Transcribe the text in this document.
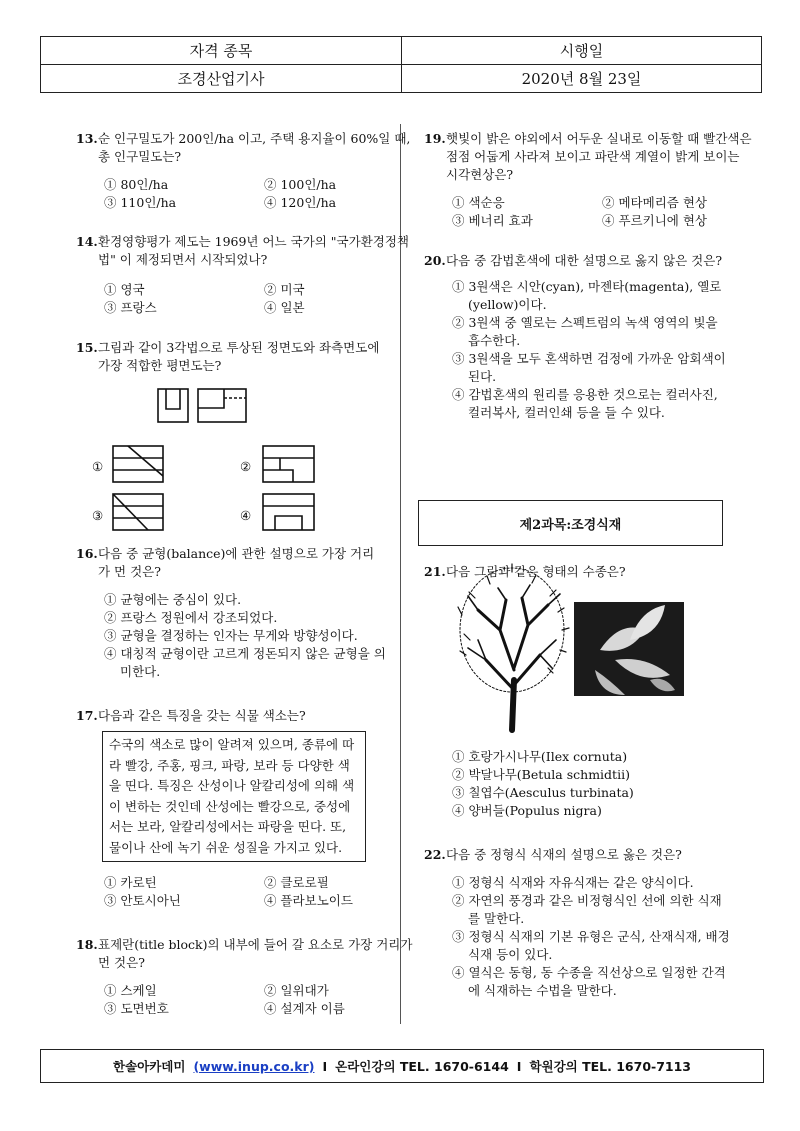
자격 종목	시행일
조경산업기사	2020년 8월 23일
13. 순 인구밀도가 200인/ha 이고, 주택 용지율이 60%일 때, 총 인구밀도는?
① 80인/ha	② 100인/ha
③ 110인/ha	④ 120인/ha
14. 환경영향평가 제도는 1969년 어느 국가의 "국가환경정책법" 이 제정되면서 시작되었나?
① 영국	② 미국
③ 프랑스	④ 일본
15. 그림과 같이 3각법으로 투상된 정면도와 좌측면도에 가장 적합한 평면도는?
16. 다음 중 균형(balance)에 관한 설명으로 가장 거리가 먼 것은?
① 균형에는 중심이 있다.
② 프랑스 정원에서 강조되었다.
③ 균형을 결정하는 인자는 무게와 방향성이다.
④ 대칭적 균형이란 고르게 정돈되지 않은 균형을 의미한다.
17. 다음과 같은 특징을 갖는 식물 색소는?
수국의 색소로 많이 알려져 있으며, 종류에 따라 빨강, 주홍, 핑크, 파랑, 보라 등 다양한 색을 띤다. 특징은 산성이나 알칼리성에 의해 색이 변하는 것인데 산성에는 빨강으로, 중성에서는 보라, 알칼리성에서는 파랑을 띤다. 또, 물이나 산에 녹기 쉬운 성질을 가지고 있다.
① 카로틴	② 클로로필
③ 안토시아닌	④ 플라보노이드
18. 표제란(title block)의 내부에 들어 갈 요소로 가장 거리가 먼 것은?
① 스케일	② 일위대가
③ 도면번호	④ 설계자 이름
①	②
③	④
19. 햇빛이 밝은 야외에서 어두운 실내로 이동할 때 빨간색은 점점 어둡게 사라져 보이고 파란색 계열이 밝게 보이는 시각현상은?
① 색순응	② 메타메리즘 현상
③ 베너리 효과	④ 푸르키니에 현상
20. 다음 중 감법혼색에 대한 설명으로 옳지 않은 것은?
① 3원색은 시안(cyan), 마젠타(magenta), 옐로(yellow)이다.
② 3원색 중 옐로는 스펙트럼의 녹색 영역의 빛을 흡수한다.
③ 3원색을 모두 혼색하면 검정에 가까운 암회색이 된다.
④ 감법혼색의 원리를 응용한 것으로는 컬러사진, 컬러복사, 컬러인쇄 등을 들 수 있다.
21. 다음 그림과 같은 형태의 수종은?
① 호랑가시나무(Ilex cornuta)
② 박달나무(Betula schmidtii)
③ 칠엽수(Aesculus turbinata)
④ 양버들(Populus nigra)
22. 다음 중 정형식 식재의 설명으로 옳은 것은?
① 정형식 식재와 자유식재는 같은 양식이다.
② 자연의 풍경과 같은 비정형식인 선에 의한 식재를 말한다.
③ 정형식 식재의 기본 유형은 군식, 산재식재, 배경식재 등이 있다.
④ 열식은 동형, 동 수종을 직선상으로 일정한 간격에 식재하는 수법을 말한다.
제2과목:조경식재
한솔아카데미 (www.inup.co.kr) I 온라인강의 TEL. 1670-6144 I 학원강의 TEL. 1670-7113
